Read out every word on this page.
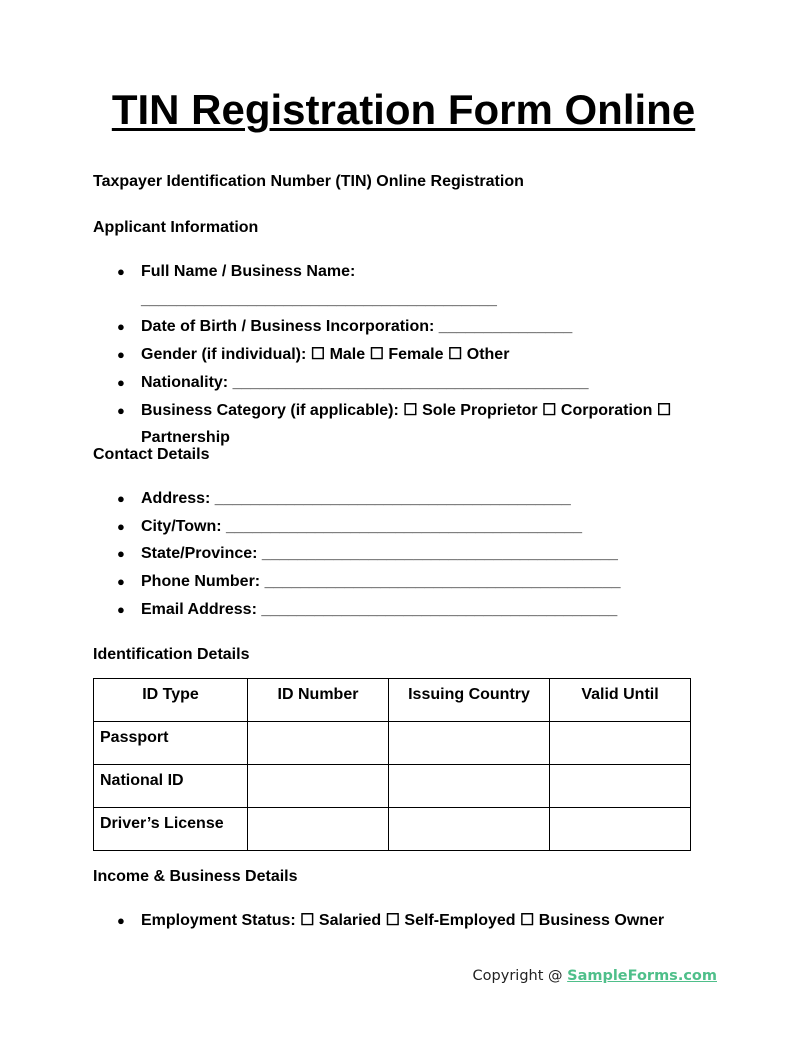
TIN Registration Form Online

Taxpayer Identification Number (TIN) Online Registration

Applicant Information

● Full Name / Business Name: ________________________________________
● Date of Birth / Business Incorporation: _______________
● Gender (if individual): ☐ Male ☐ Female ☐ Other
● Nationality: ________________________________________
● Business Category (if applicable): ☐ Sole Proprietor ☐ Corporation ☐ Partnership

Contact Details

● Address: ________________________________________
● City/Town: ________________________________________
● State/Province: ________________________________________
● Phone Number: ________________________________________
● Email Address: ________________________________________

Identification Details

ID Type	ID Number	Issuing Country	Valid Until
Passport			
National ID			
Driver’s License			

Income & Business Details

● Employment Status: ☐ Salaried ☐ Self-Employed ☐ Business Owner
Copyright @ SampleForms.com
